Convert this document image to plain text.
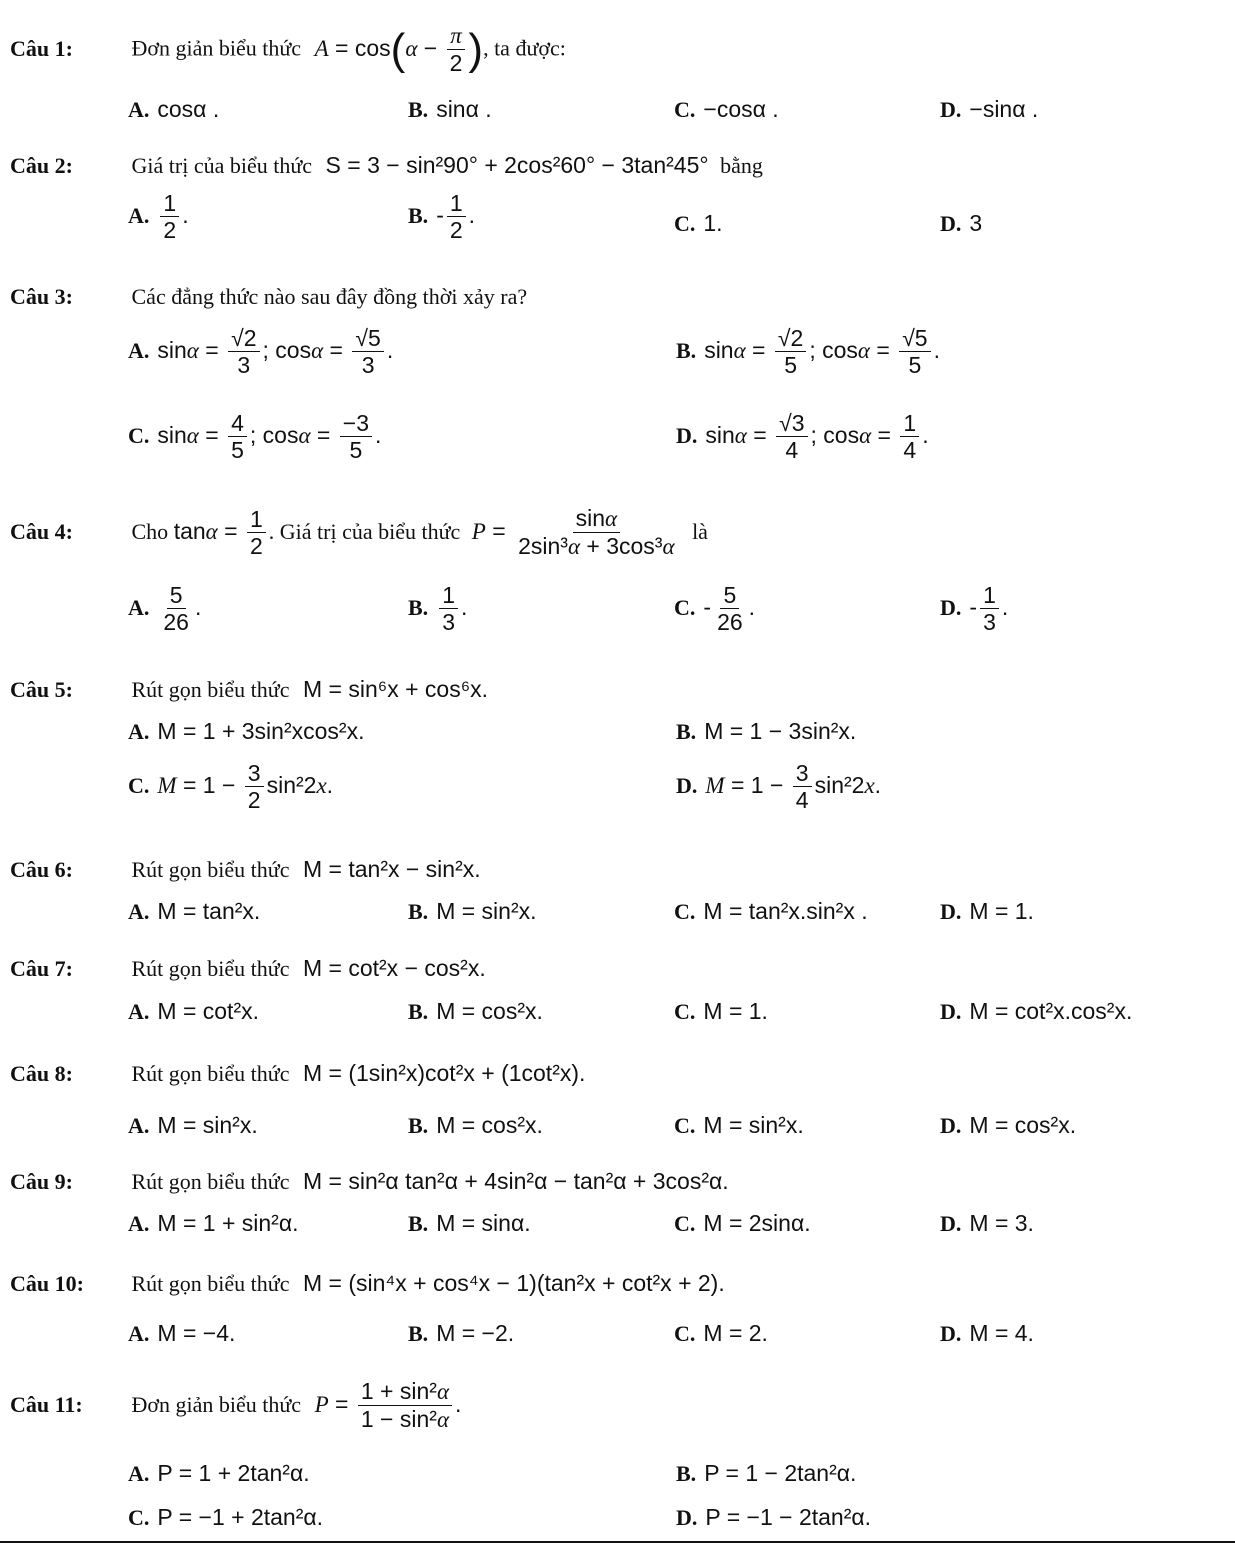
Câu 1:	Đơn giản biểu thức $A = \cos(\alpha - \frac{\pi}{2}$ ), ta được:
A. cosα .	B. sinα .	C. −cosα .	D. −sinα .
Câu 2:	Giá trị của biểu thức S = 3 − sin²90° + 2cos²60° − 3tan²45° bằng
A. $\frac{1}{2}$ .	B. - $\frac{1}{2}$ .	C. 1.	D. 3
Câu 3:	Các đẳng thức nào sau đây đồng thời xảy ra?
A. $\sin\alpha = \frac{√2}{3}$ ; $\cos\alpha = \frac{√5}{3}$ .	B. $\sin\alpha = \frac{√2}{5}$ ; $\cos\alpha = \frac{√5}{5}$ .
C. $\sin\alpha = \frac{4}{5}$ ; $\cos\alpha = \frac{-3}{5}$ .	D. $\sin\alpha = \frac{√3}{4}$ ; $\cos\alpha = \frac{1}{4}$ .
Câu 4:	Cho $\tan\alpha = \frac{1}{2}$ . Giá trị của biểu thức $P = \frac{\sin\alpha}{\text{2sin³α + 3cos³α}}$ là
A. $\frac{5}{26}$ .	B. $\frac{1}{3}$ .	C. - $\frac{5}{26}$ .	D. - $\frac{1}{3}$ .
Câu 5:	Rút gọn biểu thức M = sin⁶x + cos⁶x.
A. M = 1 + 3sin²xcos²x.	B. M = 1 − 3sin²x.
C. $M = 1 - \frac{3}{2} \sin^22x$.	D. $M = 1 - \frac{3}{4} \sin^22x$.
Câu 6:	Rút gọn biểu thức M = tan²x − sin²x.
A. M = tan²x.	B. M = sin²x.	C. M = tan²x.sin²x .	D. M = 1.
Câu 7:	Rút gọn biểu thức M = cot²x − cos²x.
A. M = cot²x.	B. M = cos²x.	C. M = 1.	D. M = cot²x.cos²x.
Câu 8:	Rút gọn biểu thức M = (1sin²x)cot²x + (1cot²x).
A. M = sin²x.	B. M = cos²x.	C. M = sin²x.	D. M = cos²x.
Câu 9:	Rút gọn biểu thức M = sin²α tan²α + 4sin²α − tan²α + 3cos²α.
A. M = 1 + sin²α.	B. M = sinα.	C. M = 2sinα.	D. M = 3.
Câu 10: Rút gọn biểu thức M = (sin⁴x + cos⁴x − 1)(tan²x + cot²x + 2).
A. M = −4.	B. M = −2.	C. M = 2.	D. M = 4.
Câu 11: Đơn giản biểu thức $P = \frac{\text{1 + sin²α}}{\text{1 − sin²α}}$ .
A. P = 1 + 2tan²α.	B. P = 1 − 2tan²α.
C. P = −1 + 2tan²α.	D. P = −1 − 2tan²α.
